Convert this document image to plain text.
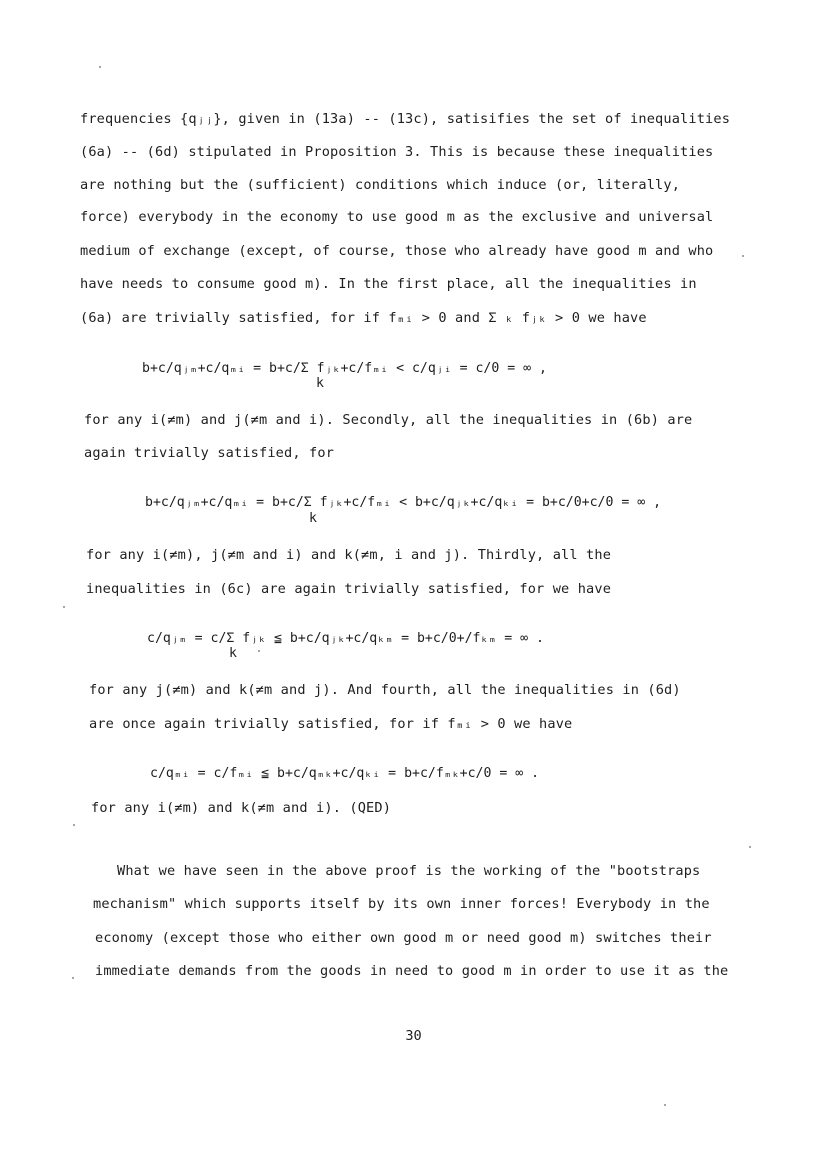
frequencies {qⱼⱼ}, given in (13a) -- (13c), satisifies the set of inequalities
(6a) -- (6d) stipulated in Proposition 3. This is because these inequalities
are nothing but the (sufficient) conditions which induce (or, literally,
force) everybody in the economy to use good m as the exclusive and universal
medium of exchange (except, of course, those who already have good m and who
have needs to consume good m). In the first place, all the inequalities in
(6a) are trivially satisfied, for if fₘᵢ > 0 and Σ ₖ fⱼₖ > 0 we have
b+c/qⱼₘ+c/qₘᵢ = b+c/Σ fⱼₖ+c/fₘᵢ < c/qⱼᵢ = c/0 = ∞ ,
k
for any i(≠m) and j(≠m and i). Secondly, all the inequalities in (6b) are
again trivially satisfied, for
b+c/qⱼₘ+c/qₘᵢ = b+c/Σ fⱼₖ+c/fₘᵢ < b+c/qⱼₖ+c/qₖᵢ = b+c/0+c/0 = ∞ ,
k
for any i(≠m), j(≠m and i) and k(≠m, i and j). Thirdly, all the
inequalities in (6c) are again trivially satisfied, for we have
c/qⱼₘ = c/Σ fⱼₖ ≦ b+c/qⱼₖ+c/qₖₘ = b+c/0+/fₖₘ = ∞ .
k
for any j(≠m) and k(≠m and j). And fourth, all the inequalities in (6d)
are once again trivially satisfied, for if fₘᵢ > 0 we have
c/qₘᵢ = c/fₘᵢ ≦ b+c/qₘₖ+c/qₖᵢ = b+c/fₘₖ+c/0 = ∞ .
for any i(≠m) and k(≠m and i). (QED)
What we have seen in the above proof is the working of the "bootstraps
mechanism" which supports itself by its own inner forces! Everybody in the
economy (except those who either own good m or need good m) switches their
immediate demands from the goods in need to good m in order to use it as the
30
